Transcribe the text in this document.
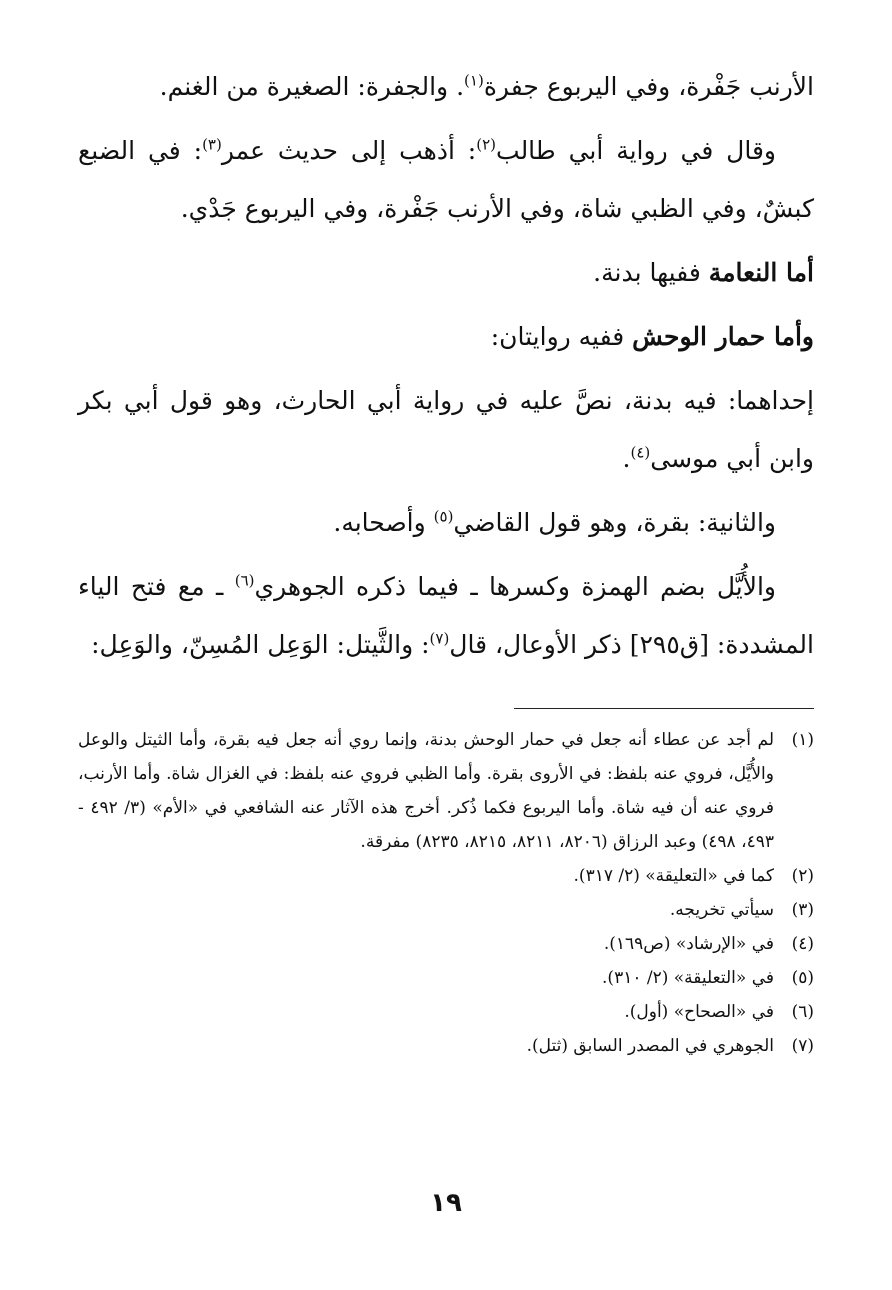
الأرنب جَفْرة، وفي اليربوع جفرة$^{(١)}$. والجفرة: الصغيرة من الغنم.

وقال في رواية أبي طالب$^{(٢)}$: أذهب إلى حديث عمر$^{(٣)}$: في الضبع كبشٌ، وفي الظبي شاة، وفي الأرنب جَفْرة، وفي اليربوع جَدْي.

أما النعامة ففيها بدنة.

وأما حمار الوحش ففيه روايتان:

إحداهما: فيه بدنة، نصَّ عليه في رواية أبي الحارث، وهو قول أبي بكر وابن أبي موسى$^{(٤)}$.

والثانية: بقرة، وهو قول القاضي$^{(٥)}$ وأصحابه.

والأُيَّل بضم الهمزة وكسرها ـ فيما ذكره الجوهري$^{(٦)}$ ـ مع فتح الياء المشددة: [ق٢٩٥] ذكر الأوعال، قال$^{(٧)}$: والثَّيتل: الوَعِل المُسِنّ، والوَعِل:

(١)
لم أجد عن عطاء أنه جعل في حمار الوحش بدنة، وإنما روي أنه جعل فيه بقرة، وأما الثيتل والوعل والأُيَّل، فروي عنه بلفظ: في الأروى بقرة. وأما الظبي فروي عنه بلفظ: في الغزال شاة. وأما الأرنب، فروي عنه أن فيه شاة. وأما اليربوع فكما ذُكر. أخرج هذه الآثار عنه الشافعي في «الأم» (٣/ ٤٩٢ - ٤٩٣، ٤٩٨) وعبد الرزاق (٨٢٠٦، ٨٢١١، ٨٢١٥، ٨٢٣٥) مفرقة.
(٢)
كما في «التعليقة» (٢/ ٣١٧).
(٣)
سيأتي تخريجه.
(٤)
في «الإرشاد» (ص١٦٩).
(٥)
في «التعليقة» (٢/ ٣١٠).
(٦)
في «الصحاح» (أول).
(٧)
الجوهري في المصدر السابق (ثتل).
١٩
